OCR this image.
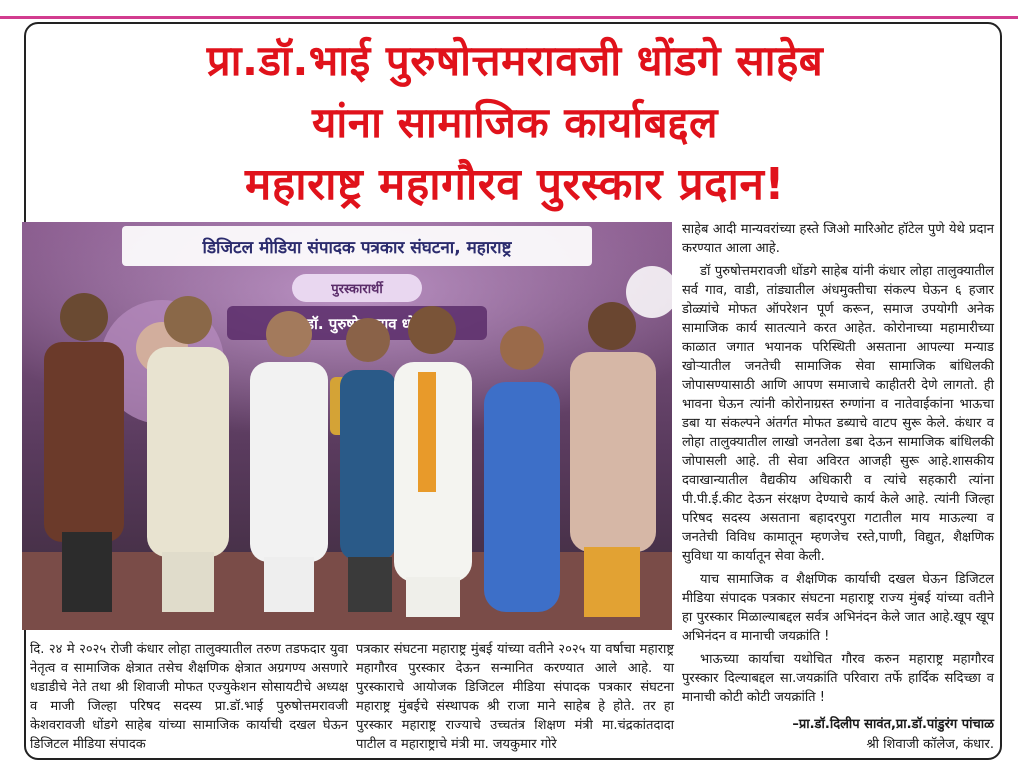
प्रा.डॉ.भाई पुरुषोत्तमरावजी धोंडगे साहेब
यांना सामाजिक कार्याबद्दल
महाराष्ट्र महागौरव पुरस्कार प्रदान!
डिजिटल मीडिया संपादक पत्रकार संघटना, महाराष्ट्र
पुरस्कारार्थी
डॉ.

साहेब आदी मान्यवरांच्या हस्ते जिओ मारिओट हॉटेल पुणे येथे प्रदान करण्यात आला आहे.

डॉ पुरुषोत्तमरावजी धोंडगे साहेब यांनी कंधार लोहा तालुक्यातील सर्व गाव, वाडी, तांड्यातील अंधमुक्तीचा संकल्प घेऊन ६ हजार डोळ्यांचे मोफत ऑपरेशन पूर्ण करून, समाज उपयोगी अनेक सामाजिक कार्य सातत्याने करत आहेत. कोरोनाच्या महामारीच्या काळात जगात भयानक परिस्थिती असताना आपल्या मन्याड खोऱ्यातील जनतेची सामाजिक सेवा सामाजिक बांधिलकी जोपासण्यासाठी आणि आपण समाजाचे काहीतरी देणे लागतो. ही भावना घेऊन त्यांनी कोरोनाग्रस्त रुग्णांना व नातेवाईकांना भाऊचा डबा या संकल्पने अंतर्गत मोफत डब्याचे वाटप सुरू केले. कंधार व लोहा तालुक्यातील लाखो जनतेला डबा देऊन सामाजिक बांधिलकी जोपासली आहे. ती सेवा अविरत आजही सुरू आहे.शासकीय दवाखान्यातील वैद्यकीय अधिकारी व त्यांचे सहकारी त्यांना पी.पी.ई.कीट देऊन संरक्षण देण्याचे कार्य केले आहे. त्यांनी जिल्हा परिषद सदस्य असताना बहादरपुरा गटातील माय माऊल्या व जनतेची विविध कामातून म्हणजेच रस्ते,पाणी, विद्युत, शैक्षणिक सुविधा या कार्यातून सेवा केली.

याच सामाजिक व शैक्षणिक कार्याची दखल घेऊन डिजिटल मीडिया संपादक पत्रकार संघटना महाराष्ट्र राज्य मुंबई यांच्या वतीने हा पुरस्कार मिळाल्याबद्दल सर्वत्र अभिनंदन केले जात आहे.खूप खूप अभिनंदन व मानाची जयक्रांति !

भाऊच्या कार्याचा यथोचित गौरव करुन महाराष्ट्र महागौरव पुरस्कार दिल्याबद्दल सा.जयक्रांति परिवारा तर्फे हार्दिक सदिच्छा व मानाची कोटी कोटी जयक्रांति !

–प्रा.डॉ.दिलीप सावंत,प्रा.डॉ.पांडुरंग पांचाळ
श्री शिवाजी कॉलेज, कंधार.

दि. २४ मे २०२५ रोजी कंधार लोहा तालुक्यातील तरुण तडफदार युवा नेतृत्व व सामाजिक क्षेत्रात तसेच शैक्षणिक क्षेत्रात अग्रगण्य असणारे धडाडीचे नेते तथा श्री शिवाजी मोफत एज्युकेशन सोसायटीचे अध्यक्ष व माजी जिल्हा परिषद सदस्य प्रा.डॉ.भाई पुरुषोत्तमरावजी केशवरावजी धोंडगे साहेब यांच्या सामाजिक कार्याची दखल घेऊन डिजिटल मीडिया संपादक

पत्रकार संघटना महाराष्ट्र मुंबई यांच्या वतीने २०२५ या वर्षाचा महाराष्ट्र महागौरव पुरस्कार देऊन सन्मानित करण्यात आले आहे. या पुरस्काराचे आयोजक डिजिटल मीडिया संपादक पत्रकार संघटना महाराष्ट्र मुंबईचे संस्थापक श्री राजा माने साहेब हे होते. तर हा पुरस्कार महाराष्ट्र राज्याचे उच्चतंत्र शिक्षण मंत्री मा.चंद्रकांतदादा पाटील व महाराष्ट्राचे मंत्री मा. जयकुमार गोरे
